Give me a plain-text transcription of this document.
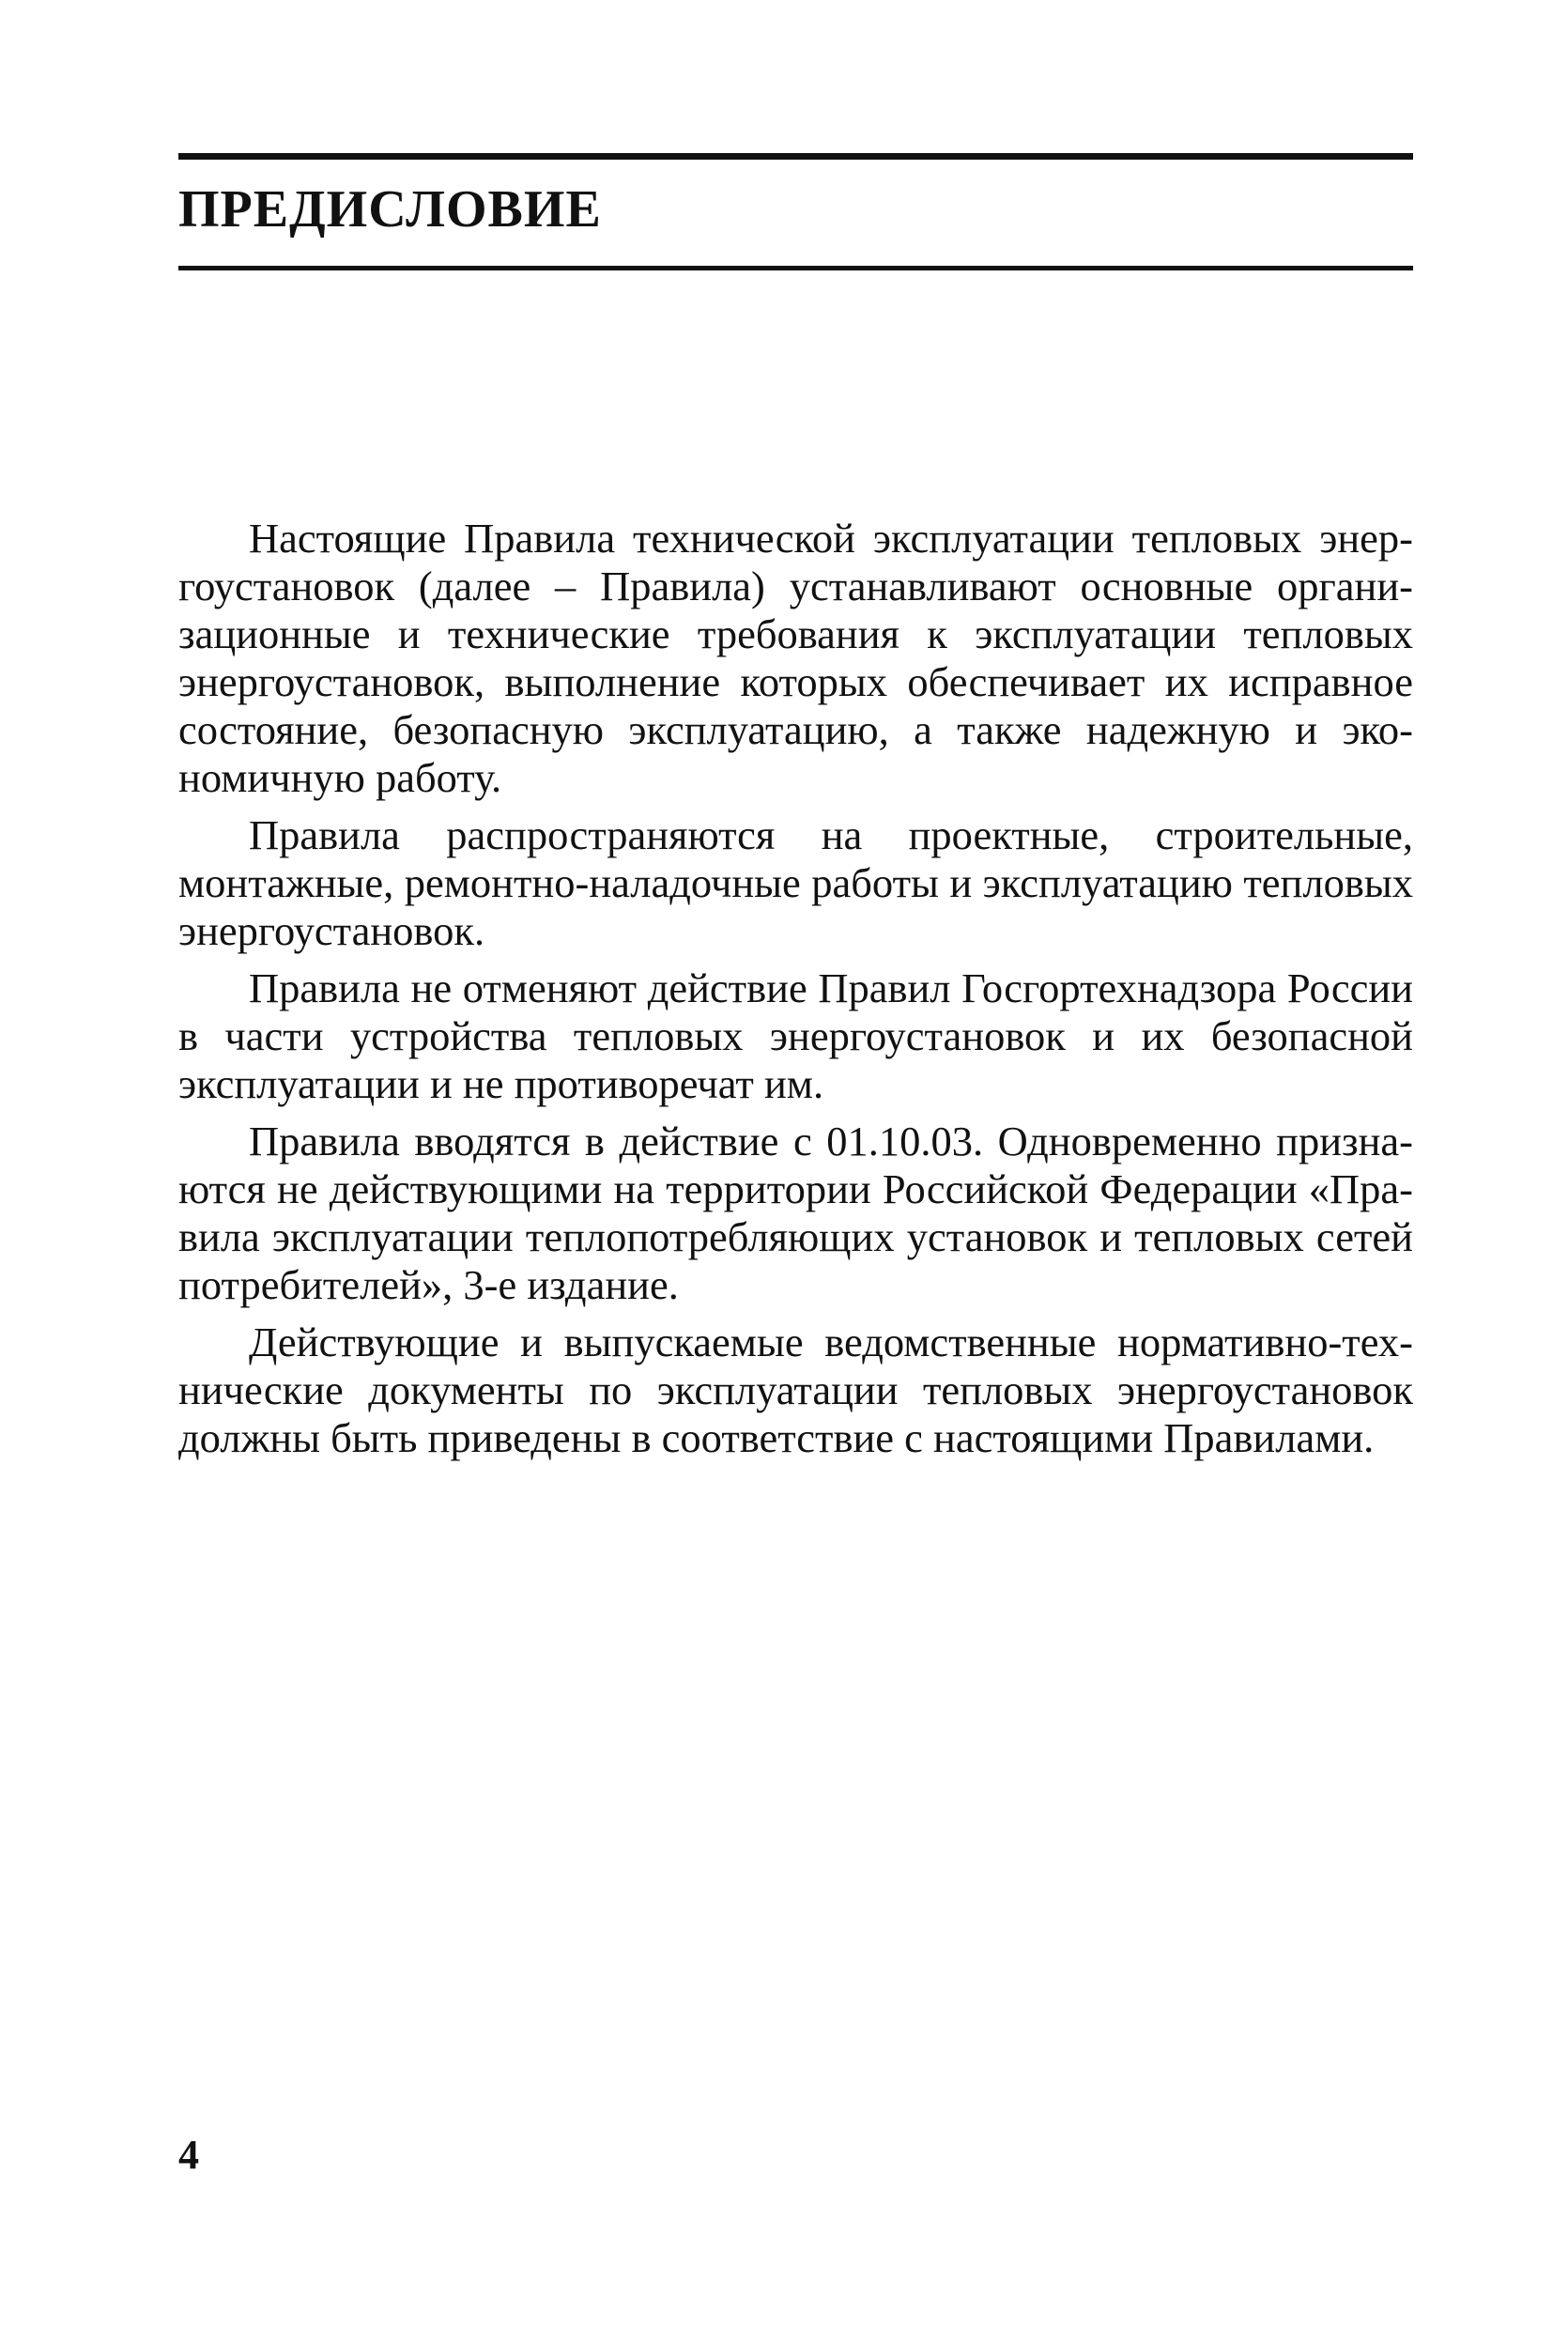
ПРЕДИСЛОВИЕ

Настоящие Правила технической эксплуатации тепловых энергоустановок (далее – Правила) устанавливают основные организационные и технические требования к эксплуатации тепловых энергоустановок, выполнение которых обеспечивает их исправное состояние, безопасную эксплуатацию, а также надежную и экономичную работу.

Правила распространяются на проектные, строительные, монтажные, ремонтно-наладочные работы и эксплуатацию тепловых энергоустановок.

Правила не отменяют действие Правил Госгортехнадзора России в части устройства тепловых энергоустановок и их безопасной эксплуатации и не противоречат им.

Правила вводятся в действие с 01.10.03. Одновременно признаются не действующими на территории Российской Федерации «Правила эксплуатации теплопотребляющих установок и тепловых сетей потребителей», 3-е издание.

Действующие и выпускаемые ведомственные нормативно-технические документы по эксплуатации тепловых энергоустановок должны быть приведены в соответствие с настоящими Правилами.

4
